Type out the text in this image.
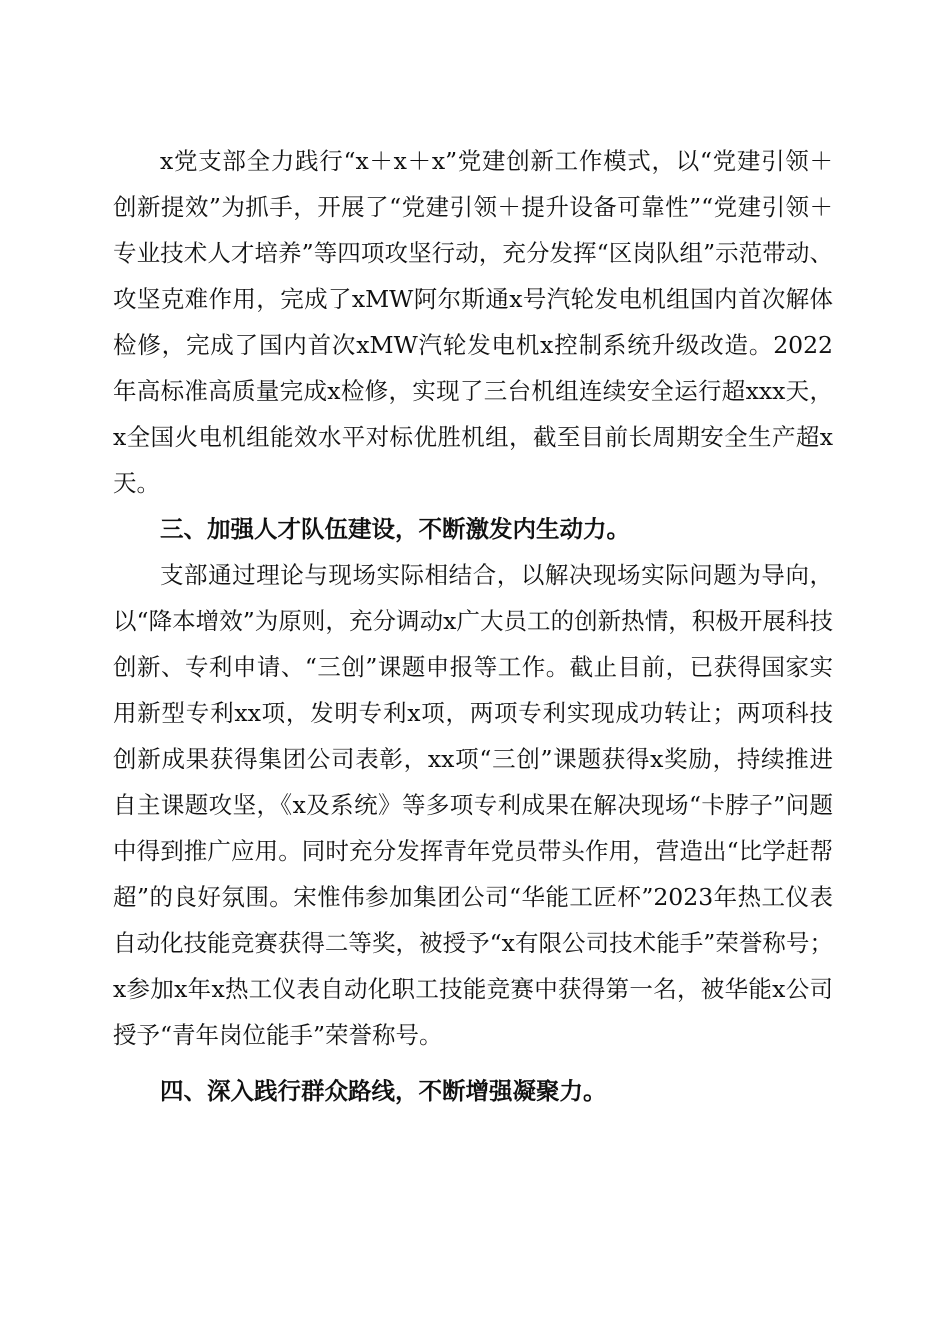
x党支部全力践行“x＋x＋x”党建创新工作模式，以“党建引领＋创新提效”为抓手，开展了“党建引领＋提升设备可靠性”“党建引领＋专业技术人才培养”等四项攻坚行动，充分发挥“区岗队组”示范带动、攻坚克难作用，完成了xMW阿尔斯通x号汽轮发电机组国内首次解体检修，完成了国内首次xMW汽轮发电机x控制系统升级改造。2022年高标准高质量完成x检修，实现了三台机组连续安全运行超xxx天，x全国火电机组能效水平对标优胜机组，截至目前长周期安全生产超x天。

三、加强人才队伍建设，不断激发内生动力。

支部通过理论与现场实际相结合，以解决现场实际问题为导向，以“降本增效”为原则，充分调动x广大员工的创新热情，积极开展科技创新、专利申请、“三创”课题申报等工作。截止目前，已获得国家实用新型专利xx项，发明专利x项，两项专利实现成功转让；两项科技创新成果获得集团公司表彰，xx项“三创”课题获得x奖励，持续推进自主课题攻坚，《x及系统》等多项专利成果在解决现场“卡脖子”问题中得到推广应用。同时充分发挥青年党员带头作用，营造出“比学赶帮超”的良好氛围。宋惟伟参加集团公司“华能工匠杯”2023年热工仪表自动化技能竞赛获得二等奖，被授予“x有限公司技术能手”荣誉称号；x参加x年x热工仪表自动化职工技能竞赛中获得第一名，被华能x公司授予“青年岗位能手”荣誉称号。

四、深入践行群众路线，不断增强凝聚力。
